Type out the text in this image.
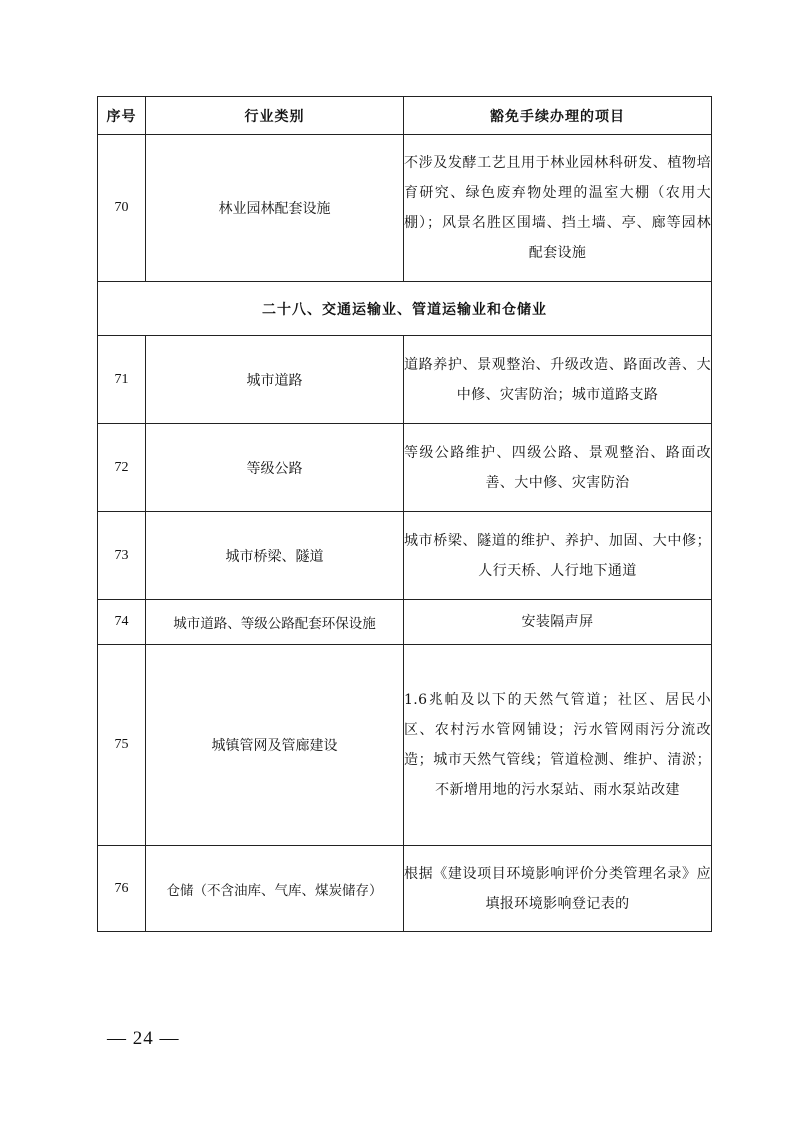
序号	行业类别	豁免手续办理的项目
70	林业园林配套设施	不涉及发酵工艺且用于林业园林科研发、植物培育研究、绿色废弃物处理的温室大棚（农用大棚）；风景名胜区围墙、挡土墙、亭、廊等园林配套设施
二十八、交通运输业、管道运输业和仓储业		
71	城市道路	道路养护、景观整治、升级改造、路面改善、大中修、灾害防治；城市道路支路
72	等级公路	等级公路维护、四级公路、景观整治、路面改善、大中修、灾害防治
73	城市桥梁、隧道	城市桥梁、隧道的维护、养护、加固、大中修；人行天桥、人行地下通道
74	城市道路、等级公路配套环保设施	安装隔声屏
75	城镇管网及管廊建设	1.6兆帕及以下的天然气管道；社区、居民小区、农村污水管网铺设；污水管网雨污分流改造；城市天然气管线；管道检测、维护、清淤；不新增用地的污水泵站、雨水泵站改建
76	仓储（不含油库、气库、煤炭储存）	根据《建设项目环境影响评价分类管理名录》应填报环境影响登记表的
— 24 —
